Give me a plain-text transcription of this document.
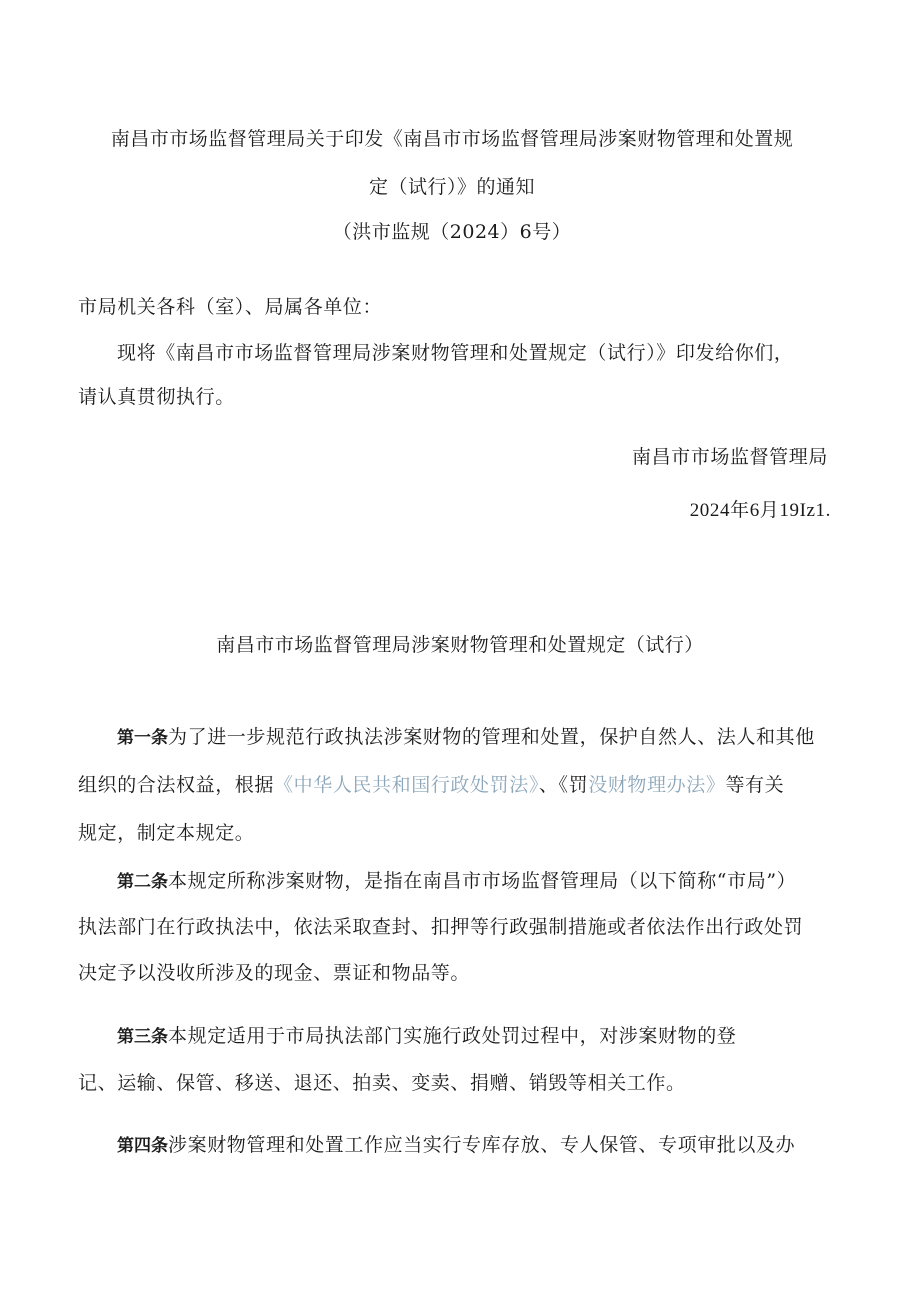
南昌市市场监督管理局关于印发《南昌市市场监督管理局涉案财物管理和处置规
定（试行）》的通知
（洪市监规（2024）6号）
市局机关各科（室）、局属各单位：
现将《南昌市市场监督管理局涉案财物管理和处置规定（试行）》印发给你们，
请认真贯彻执行。
南昌市市场监督管理局
2024年6月19Iz1.
南昌市市场监督管理局涉案财物管理和处置规定（试行）
第一条为了进一步规范行政执法涉案财物的管理和处置，保护自然人、法人和其他
组织的合法权益，根据《中华人民共和国行政处罚法》、《罚没财物理办法》等有关
规定，制定本规定。
第二条本规定所称涉案财物，是指在南昌市市场监督管理局（以下简称“市局”）
执法部门在行政执法中，依法采取查封、扣押等行政强制措施或者依法作出行政处罚
决定予以没收所涉及的现金、票证和物品等。
第三条本规定适用于市局执法部门实施行政处罚过程中，对涉案财物的登
记、运输、保管、移送、退还、拍卖、变卖、捐赠、销毁等相关工作。
第四条涉案财物管理和处置工作应当实行专库存放、专人保管、专项审批以及办
